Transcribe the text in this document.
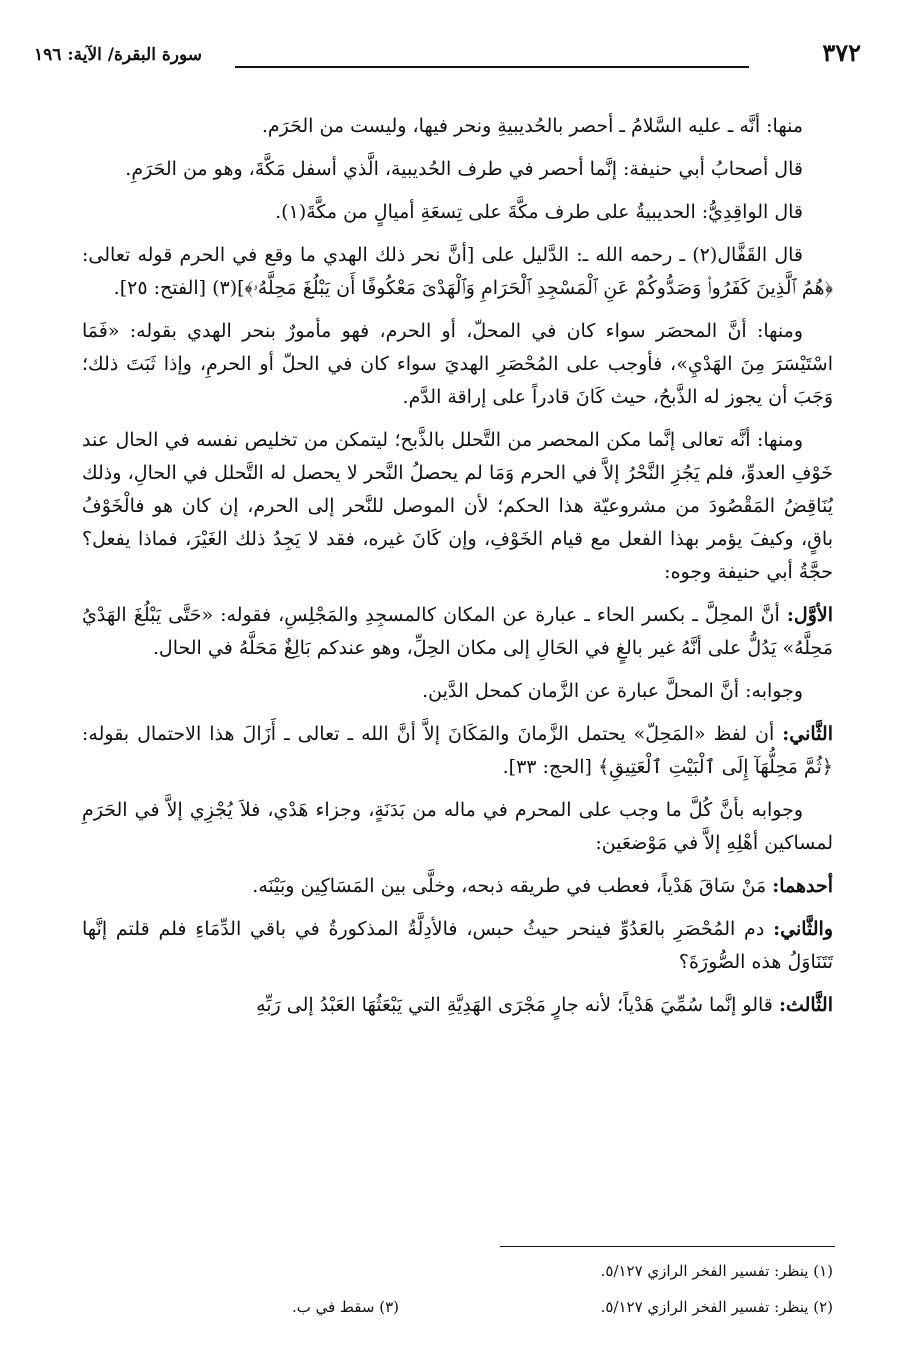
٣٧٢
سورة البقرة/ الآية: ١٩٦

منها: أنَّه ـ عليه السَّلامُ ـ أحصر بالحُديبيةِ ونحر فيها، وليست من الحَرَم.

قال أصحابُ أبي حنيفة: إنَّما أحصر في طرف الحُديبية، الَّذي أسفل مَكَّةَ، وهو من الحَرَمِ.

قال الواقِدِيُّ: الحديبيةُ على طرف مكَّةَ على تِسعَةِ أميالٍ من مكَّةَ(١).

قال القَفَّال(٢) ـ رحمه الله ـ: الدَّليل على [أنَّ نحر ذلك الهدي ما وقع في الحرم قوله تعالى: ﴿هُمُ ٱلَّذِينَ كَفَرُوا۟ وَصَدُّوكُمْ عَنِ ٱلْمَسْجِدِ ٱلْحَرَامِ وَٱلْهَدْىَ مَعْكُوفًا أَن يَبْلُغَ مَحِلَّهُۥ﴾](٣) [الفتح: ٢٥].

ومنها: أنَّ المحصَر سواء كان في المحلّ، أو الحرم، فهو مأمورٌ بنحر الهدي بقوله: «فَمَا اسْتَيْسَرَ مِنَ الهَدْيِ»، فأوجب على المُحْصَرِ الهديَ سواء كان في الحلّ أو الحرمِ، وإذا ثَبَتَ ذلك؛ وَجَبَ أن يجوز له الذَّبحُ، حيث كَانَ قادراً على إراقة الدَّم.

ومنها: أنَّه تعالى إنَّما مكن المحصر من التَّحلل بالذَّبح؛ ليتمكن من تخليص نفسه في الحال عند خَوْفِ العدوِّ، فلم يَجُزِ النَّحْرُ إلاَّ في الحرم وَمَا لم يحصلُ النَّحر لا يحصل له التَّحلل في الحالِ، وذلك يُنَاقِضُ المَقْصُودَ من مشروعيّة هذا الحكم؛ لأن الموصل للنَّحر إلى الحرم، إن كان هو فالْخَوْفُ باقٍ، وكيفَ يؤمر بهذا الفعل مع قيام الخَوْفِ، وإن كَانَ غيره، فقد لا يَجِدُ ذلك الغَيْرَ، فماذا يفعل؟ حجَّةُ أبي حنيفة وجوه:

الأوَّل: أنَّ المحِلَّ ـ بكسر الحاء ـ عبارة عن المكان كالمسجِدِ والمَجْلِسِ، فقوله: «حَتَّى يَبْلُغَ الهَدْيُ مَحِلَّهُ» يَدُلُّ على أنَّهُ غير بالغٍ في الحَالِ إلى مكان الحِلِّ، وهو عندكم بَالِغٌ مَحَلَّهُ في الحال.

وجوابه: أنَّ المحلَّ عبارة عن الزَّمان كمحل الدَّين.

الثَّاني: أن لفظ «المَحِلّ» يحتمل الزَّمانَ والمَكَانَ إلاَّ أنَّ الله ـ تعالى ـ أَزَالَ هذا الاحتمال بقوله: ﴿ثُمَّ مَحِلُّهَآ إِلَى ٱلْبَيْتِ ٱلْعَتِيقِ﴾ [الحج: ٣٣].

وجوابه بأنَّ كُلَّ ما وجب على المحرم في ماله من بَدَنَةٍ، وجزاء هَدْي، فلاَ يُجْزِي إلاَّ في الحَرَمِ لمساكين أهْلِهِ إلاَّ في مَوْضعَين:

أحدهما: مَنْ سَاقَ هَدْياً، فعطب في طريقه ذبحه، وخلَّى بين المَسَاكِين وبَيْنَه.

والثَّاني: دم المُحْصَرِ بالعَدُوِّ فينحر حيثُ حبس، فالأدِلَّةُ المذكورةُ في باقي الدِّمَاءِ فلم قلتم إنَّها تَتَنَاوَلُ هذه الصُّورَةَ؟

الثَّالث: قالو إنَّما سُمِّيَ هَدْياً؛ لأنه جارٍ مَجْرَى الهَدِيَّةِ التي يَبْعَثُهَا العَبْدُ إلى رَبِّهِ

(١) ينظر: تفسير الفخر الرازي ٥/١٢٧.
(٢) ينظر: تفسير الفخر الرازي ٥/١٢٧.
(٣) سقط في ب.
